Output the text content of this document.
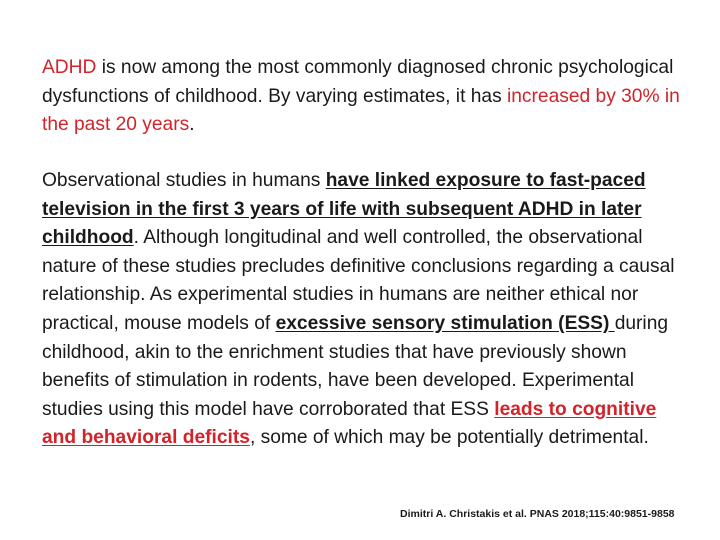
ADHD is now among the most commonly diagnosed chronic psychological dysfunctions of childhood. By varying estimates, it has increased by 30% in the past 20 years.

Observational studies in humans have linked exposure to fast-paced television in the first 3 years of life with subsequent ADHD in later childhood. Although longitudinal and well controlled, the observational nature of these studies precludes definitive conclusions regarding a causal relationship. As experimental studies in humans are neither ethical nor practical, mouse models of excessive sensory stimulation (ESS) during childhood, akin to the enrichment studies that have previously shown benefits of stimulation in rodents, have been developed. Experimental studies using this model have corroborated that ESS leads to cognitive and behavioral deficits, some of which may be potentially detrimental.

Dimitri A. Christakis et al. PNAS 2018;115:40:9851-9858
